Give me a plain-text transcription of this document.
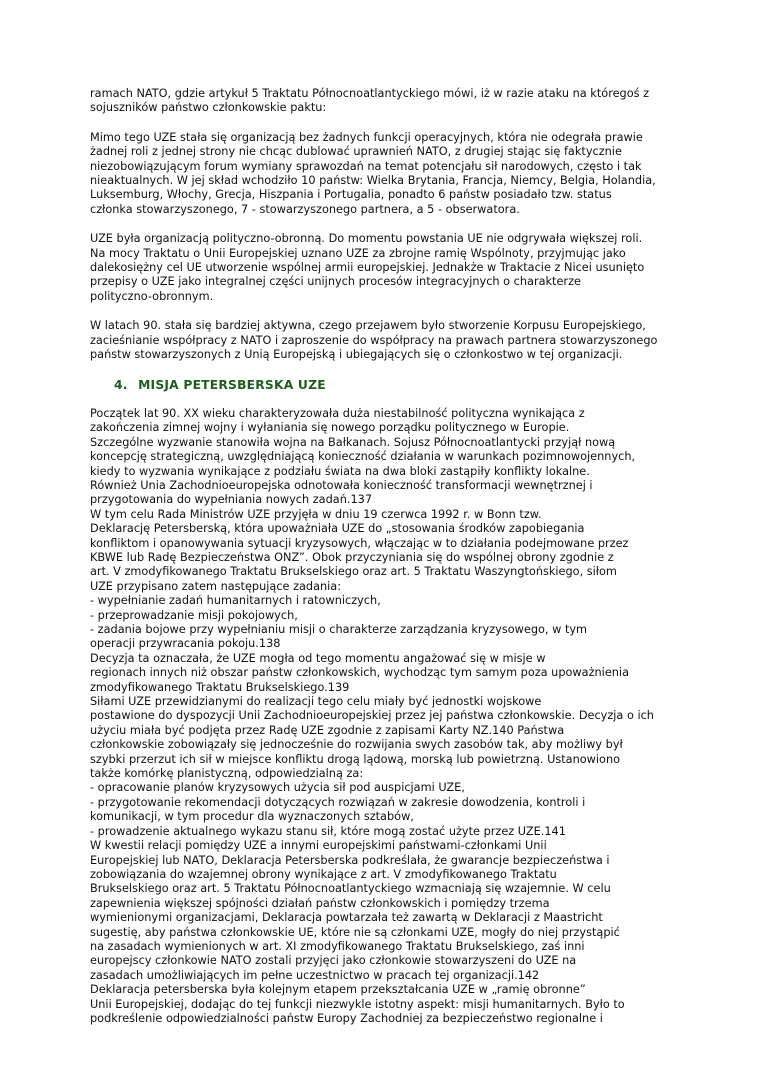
ramach NATO, gdzie artykuł 5 Traktatu Północnoatlantyckiego mówi, iż w razie ataku na któregoś z
sojuszników państwo członkowskie paktu:

Mimo tego UZE stała się organizacją bez żadnych funkcji operacyjnych, która nie odegrała prawie
żadnej roli z jednej strony nie chcąc dublować uprawnień NATO, z drugiej stając się faktycznie
niezobowiązującym forum wymiany sprawozdań na temat potencjału sił narodowych, często i tak
nieaktualnych. W jej skład wchodziło 10 państw: Wielka Brytania, Francja, Niemcy, Belgia, Holandia,
Luksemburg, Włochy, Grecja, Hiszpania i Portugalia, ponadto 6 państw posiadało tzw. status
członka stowarzyszonego, 7 - stowarzyszonego partnera, a 5 - obserwatora.

UZE była organizacją polityczno-obronną. Do momentu powstania UE nie odgrywała większej roli.
Na mocy Traktatu o Unii Europejskiej uznano UZE za zbrojne ramię Wspólnoty, przyjmując jako
dalekosiężny cel UE utworzenie wspólnej armii europejskiej. Jednakże w Traktacie z Nicei usunięto
przepisy o UZE jako integralnej części unijnych procesów integracyjnych o charakterze
polityczno-obronnym.

W latach 90. stała się bardziej aktywna, czego przejawem było stworzenie Korpusu Europejskiego,
zacieśnianie współpracy z NATO i zaproszenie do współpracy na prawach partnera stowarzyszonego
państw stowarzyszonych z Unią Europejską i ubiegających się o członkostwo w tej organizacji.

4. MISJA PETERSBERSKA UZE

Początek lat 90. XX wieku charakteryzowała duża niestabilność polityczna wynikająca z
zakończenia zimnej wojny i wyłaniania się nowego porządku politycznego w Europie.
Szczególne wyzwanie stanowiła wojna na Bałkanach. Sojusz Północnoatlantycki przyjął nową
koncepcję strategiczną, uwzględniającą konieczność działania w warunkach pozimnowojennych,
kiedy to wyzwania wynikające z podziału świata na dwa bloki zastąpiły konflikty lokalne.
Również Unia Zachodnioeuropejska odnotowała konieczność transformacji wewnętrznej i
przygotowania do wypełniania nowych zadań.137
W tym celu Rada Ministrów UZE przyjęła w dniu 19 czerwca 1992 r. w Bonn tzw.
Deklarację Petersberską, która upoważniała UZE do „stosowania środków zapobiegania
konfliktom i opanowywania sytuacji kryzysowych, włączając w to działania podejmowane przez
KBWE lub Radę Bezpieczeństwa ONZ”. Obok przyczyniania się do wspólnej obrony zgodnie z
art. V zmodyfikowanego Traktatu Brukselskiego oraz art. 5 Traktatu Waszyngtońskiego, siłom
UZE przypisano zatem następujące zadania:
- wypełnianie zadań humanitarnych i ratowniczych,
- przeprowadzanie misji pokojowych,
- zadania bojowe przy wypełnianiu misji o charakterze zarządzania kryzysowego, w tym
operacji przywracania pokoju.138
Decyzja ta oznaczała, że UZE mogła od tego momentu angażować się w misje w
regionach innych niż obszar państw członkowskich, wychodząc tym samym poza upoważnienia
zmodyfikowanego Traktatu Brukselskiego.139
Siłami UZE przewidzianymi do realizacji tego celu miały być jednostki wojskowe
postawione do dyspozycji Unii Zachodnioeuropejskiej przez jej państwa członkowskie. Decyzja o ich
użyciu miała być podjęta przez Radę UZE zgodnie z zapisami Karty NZ.140 Państwa
członkowskie zobowiązały się jednocześnie do rozwijania swych zasobów tak, aby możliwy był
szybki przerzut ich sił w miejsce konfliktu drogą lądową, morską lub powietrzną. Ustanowiono
także komórkę planistyczną, odpowiedzialną za:
- opracowanie planów kryzysowych użycia sił pod auspicjami UZE,
- przygotowanie rekomendacji dotyczących rozwiązań w zakresie dowodzenia, kontroli i
komunikacji, w tym procedur dla wyznaczonych sztabów,
- prowadzenie aktualnego wykazu stanu sił, które mogą zostać użyte przez UZE.141
W kwestii relacji pomiędzy UZE a innymi europejskimi państwami-członkami Unii
Europejskiej lub NATO, Deklaracja Petersberska podkreślała, że gwarancje bezpieczeństwa i
zobowiązania do wzajemnej obrony wynikające z art. V zmodyfikowanego Traktatu
Brukselskiego oraz art. 5 Traktatu Północnoatlantyckiego wzmacniają się wzajemnie. W celu
zapewnienia większej spójności działań państw członkowskich i pomiędzy trzema
wymienionymi organizacjami, Deklaracja powtarzała też zawartą w Deklaracji z Maastricht
sugestię, aby państwa członkowskie UE, które nie są członkami UZE, mogły do niej przystąpić
na zasadach wymienionych w art. XI zmodyfikowanego Traktatu Brukselskiego, zaś inni
europejscy członkowie NATO zostali przyjęci jako członkowie stowarzyszeni do UZE na
zasadach umożliwiających im pełne uczestnictwo w pracach tej organizacji.142
Deklaracja petersberska była kolejnym etapem przekształcania UZE w „ramię obronne”
Unii Europejskiej, dodając do tej funkcji niezwykle istotny aspekt: misji humanitarnych. Było to
podkreślenie odpowiedzialności państw Europy Zachodniej za bezpieczeństwo regionalne i
